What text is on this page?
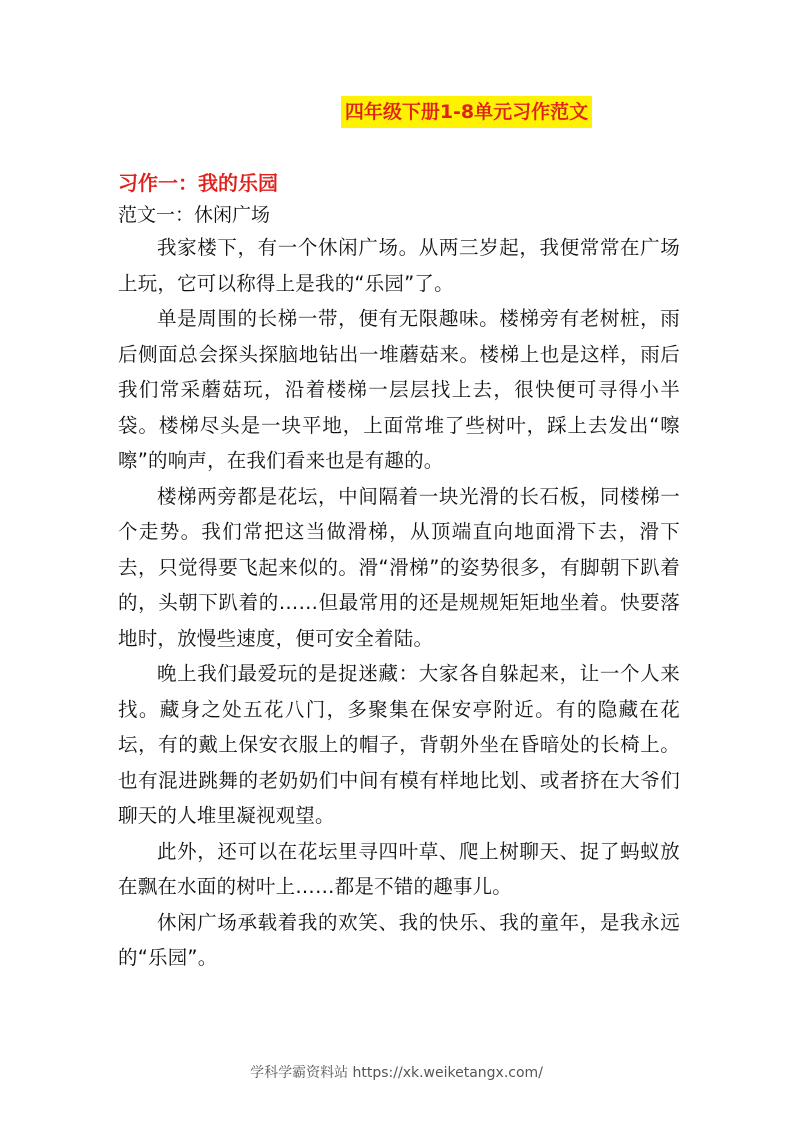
四年级下册1-8单元习作范文

习作一：我的乐园

范文一：休闲广场

我家楼下，有一个休闲广场。从两三岁起，我便常常在广场上玩，它可以称得上是我的“乐园”了。

单是周围的长梯一带，便有无限趣味。楼梯旁有老树桩，雨后侧面总会探头探脑地钻出一堆蘑菇来。楼梯上也是这样，雨后我们常采蘑菇玩，沿着楼梯一层层找上去，很快便可寻得小半袋。楼梯尽头是一块平地，上面常堆了些树叶，踩上去发出“嚓嚓”的响声，在我们看来也是有趣的。

楼梯两旁都是花坛，中间隔着一块光滑的长石板，同楼梯一个走势。我们常把这当做滑梯，从顶端直向地面滑下去，滑下去，只觉得要飞起来似的。滑“滑梯”的姿势很多，有脚朝下趴着的，头朝下趴着的……但最常用的还是规规矩矩地坐着。快要落地时，放慢些速度，便可安全着陆。

晚上我们最爱玩的是捉迷藏：大家各自躲起来，让一个人来找。藏身之处五花八门，多聚集在保安亭附近。有的隐藏在花坛，有的戴上保安衣服上的帽子，背朝外坐在昏暗处的长椅上。也有混进跳舞的老奶奶们中间有模有样地比划、或者挤在大爷们聊天的人堆里凝视观望。

此外，还可以在花坛里寻四叶草、爬上树聊天、捉了蚂蚁放在飘在水面的树叶上……都是不错的趣事儿。

休闲广场承载着我的欢笑、我的快乐、我的童年，是我永远的“乐园”。

学科学霸资料站 https://xk.weiketangx.com/
